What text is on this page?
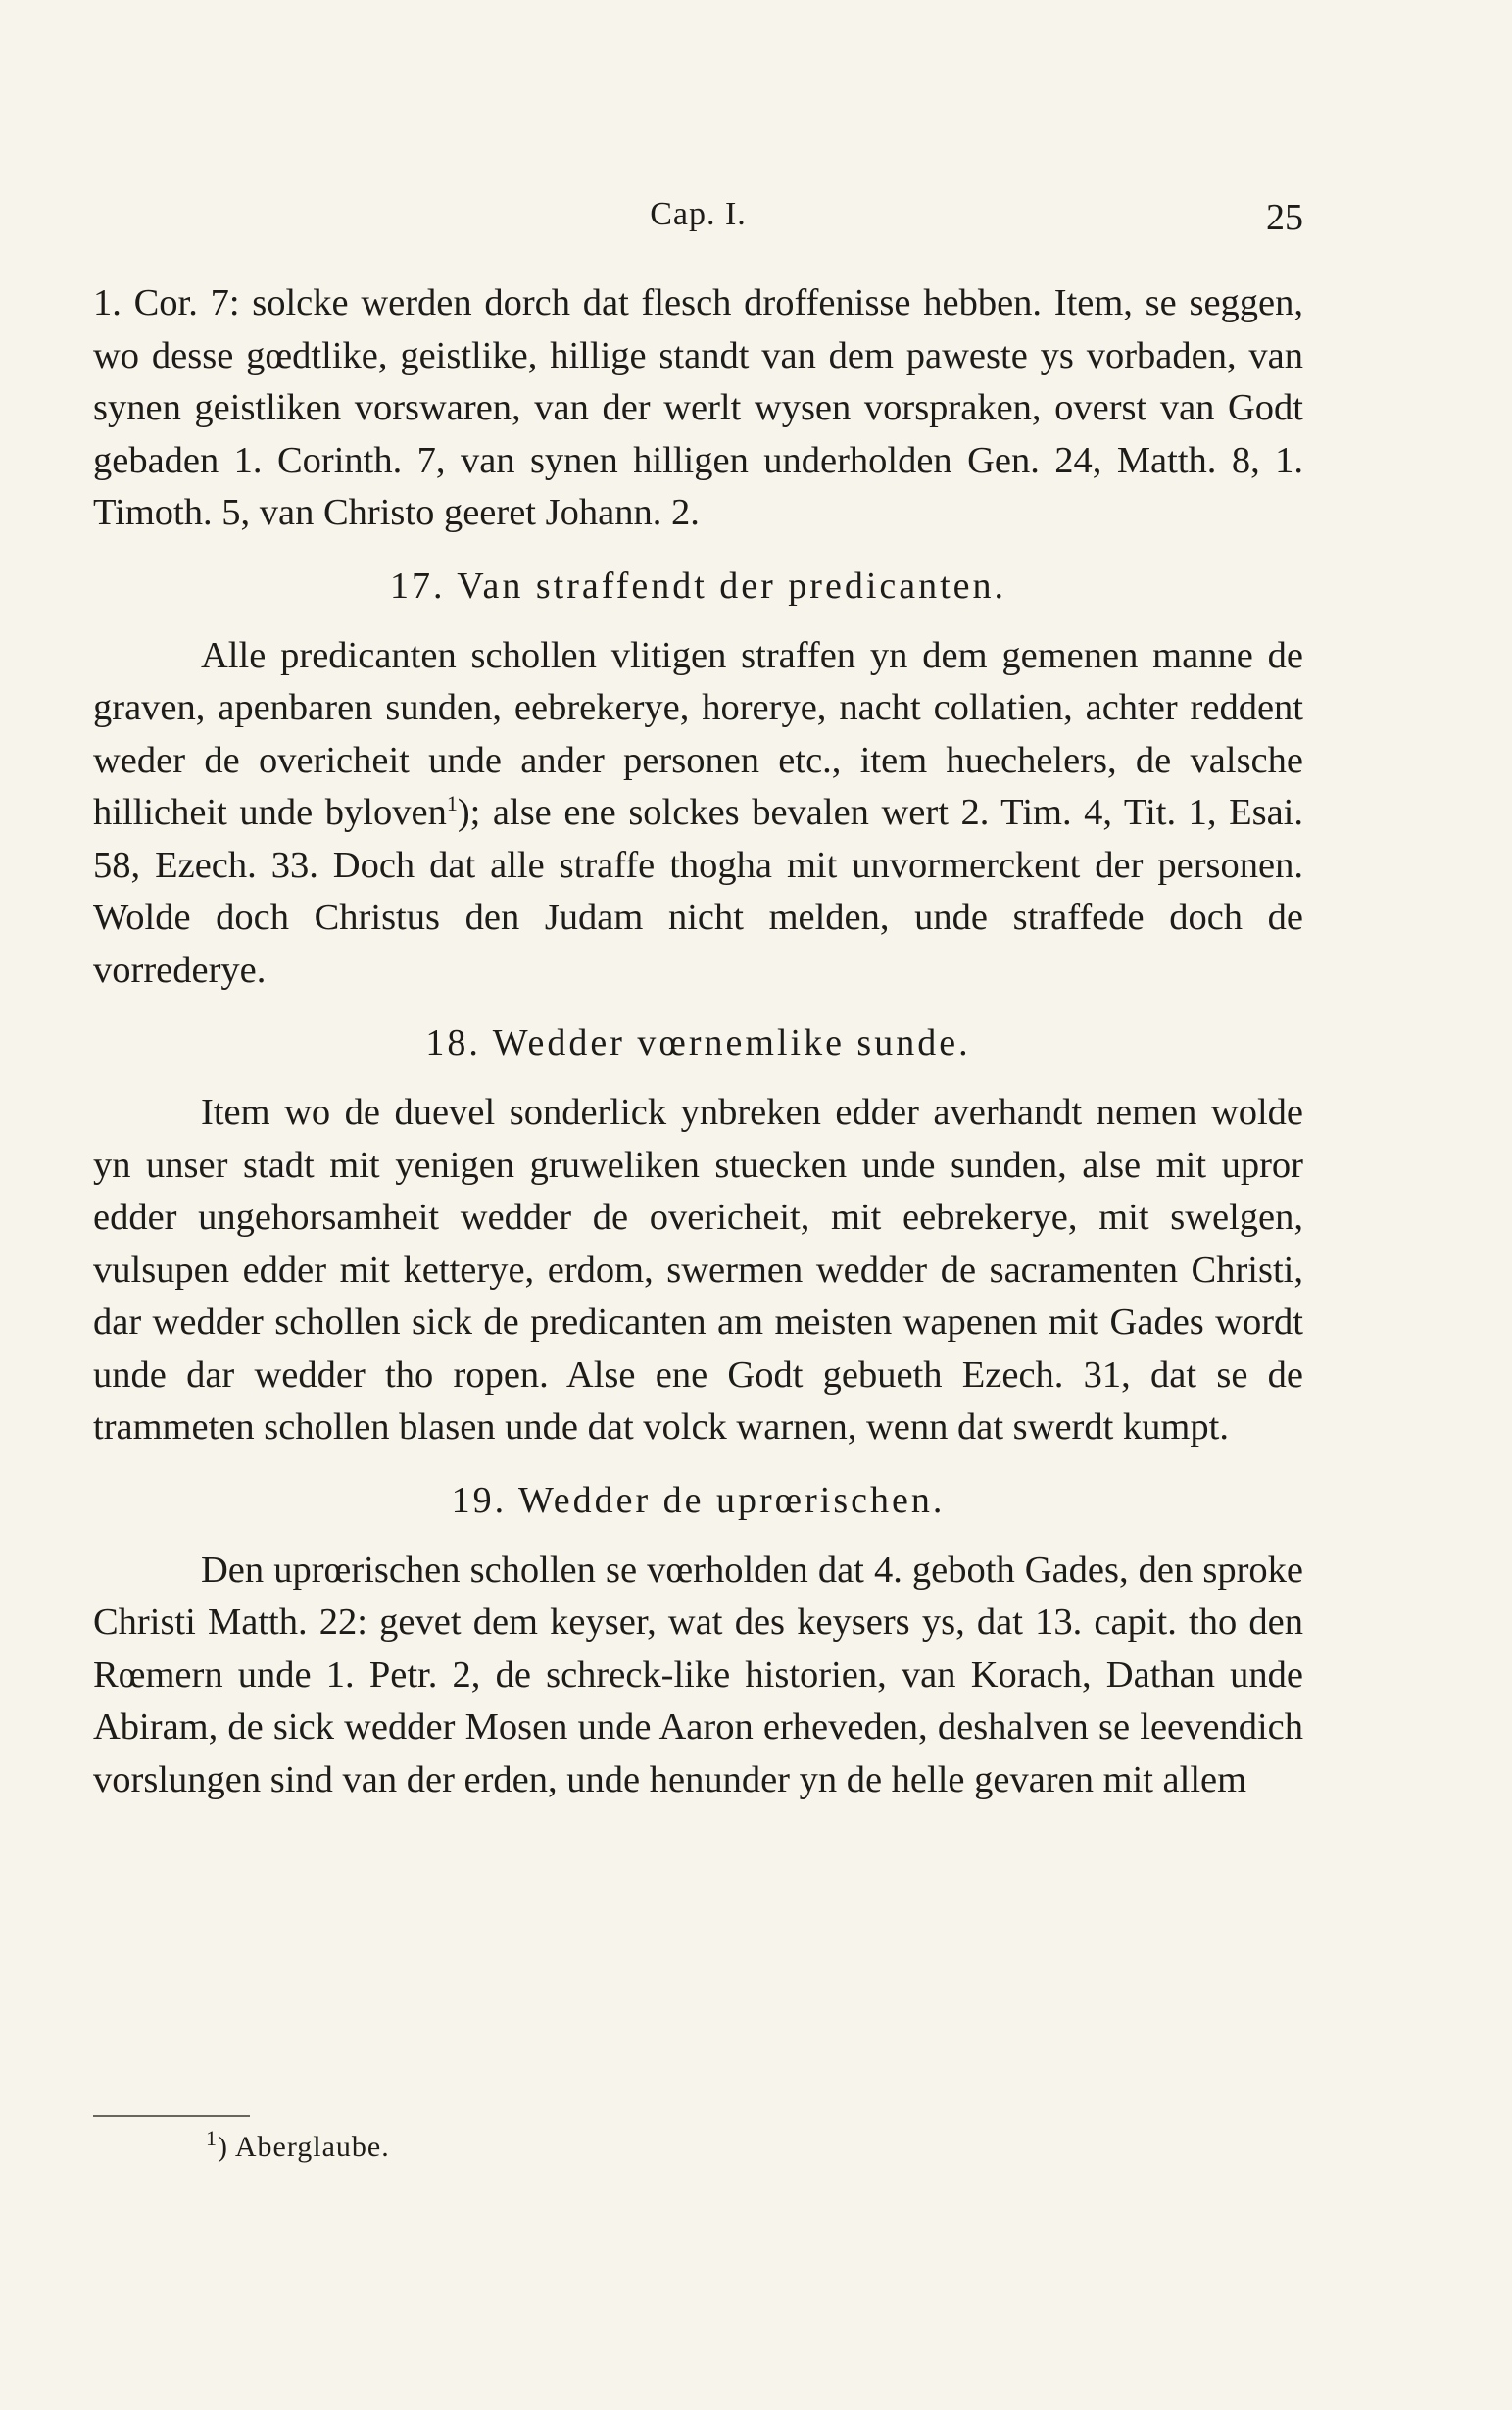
Cap. I.	25

1. Cor. 7: solcke werden dorch dat flesch droffenisse hebben. Item, se seggen, wo desse gœdtlike, geistlike, hillige standt van dem paweste ys vorbaden, van synen geistliken vorswaren, van der werlt wysen vorspraken, overst van Godt gebaden 1. Corinth. 7, van synen hilligen underholden Gen. 24, Matth. 8, 1. Timoth. 5, van Christo geeret Johann. 2.

17. Van straffendt der predicanten.

Alle predicanten schollen vlitigen straffen yn dem gemenen manne de graven, apenbaren sunden, eebrekerye, horerye, nacht collatien, achter reddent weder de overicheit unde ander personen etc., item huechelers, de valsche hillicheit unde byloven$^1$); alse ene solckes bevalen wert 2. Tim. 4, Tit. 1, Esai. 58, Ezech. 33. Doch dat alle straffe thogha mit unvormerckent der personen. Wolde doch Christus den Judam nicht melden, unde straffede doch de vorrederye.

18. Wedder vœrnemlike sunde.

Item wo de duevel sonderlick ynbreken edder averhandt nemen wolde yn unser stadt mit yenigen gruweliken stuecken unde sunden, alse mit upror edder ungehorsamheit wedder de overicheit, mit eebrekerye, mit swelgen, vulsupen edder mit ketterye, erdom, swermen wedder de sacramenten Christi, dar wedder schollen sick de predicanten am meisten wapenen mit Gades wordt unde dar wedder tho ropen. Alse ene Godt gebueth Ezech. 31, dat se de trammeten schollen blasen unde dat volck warnen, wenn dat swerdt kumpt.

19. Wedder de uprœrischen.

Den uprœrischen schollen se vœrholden dat 4. geboth Gades, den sproke Christi Matth. 22: gevet dem keyser, wat des keysers ys, dat 13. capit. tho den Rœmern unde 1. Petr. 2, de schreck-like historien, van Korach, Dathan unde Abiram, de sick wedder Mosen unde Aaron erheveden, deshalven se leevendich vorslungen sind van der erden, unde henunder yn de helle gevaren mit allem

$^1$) Aberglaube.
